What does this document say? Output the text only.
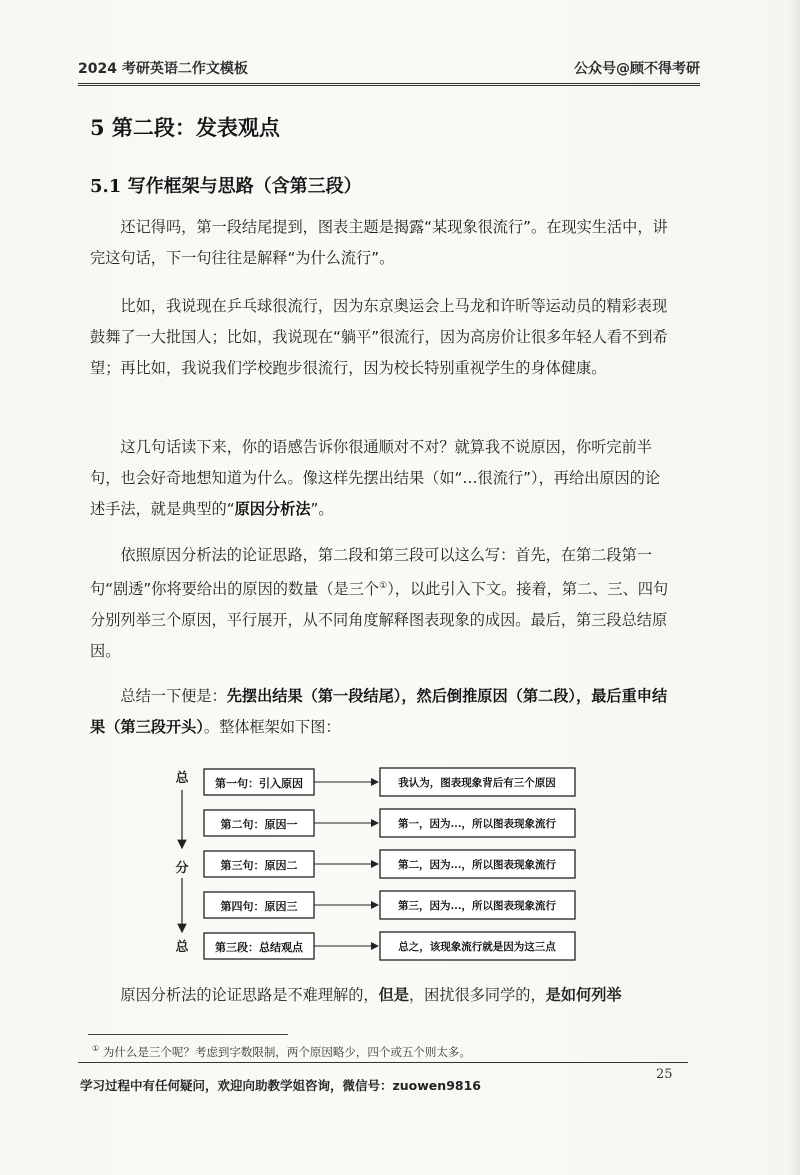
2024 考研英语二作文模板	公众号@顾不得考研
5 第二段：发表观点
5.1 写作框架与思路（含第三段）

还记得吗，第一段结尾提到，图表主题是揭露“某现象很流行”。在现实生活中，讲完这句话，下一句往往是解释“为什么流行”。

比如，我说现在乒乓球很流行，因为东京奥运会上马龙和许昕等运动员的精彩表现鼓舞了一大批国人；比如，我说现在“躺平”很流行，因为高房价让很多年轻人看不到希望；再比如，我说我们学校跑步很流行，因为校长特别重视学生的身体健康。

这几句话读下来，你的语感告诉你很通顺对不对？就算我不说原因，你听完前半句，也会好奇地想知道为什么。像这样先摆出结果（如“…很流行”），再给出原因的论述手法，就是典型的“原因分析法”。

依照原因分析法的论证思路，第二段和第三段可以这么写：首先，在第二段第一句“剧透”你将要给出的原因的数量（是三个①），以此引入下文。接着，第二、三、四句分别列举三个原因，平行展开，从不同角度解释图表现象的成因。最后，第三段总结原因。

总结一下便是：先摆出结果（第一段结尾），然后倒推原因（第二段），最后重申结果（第三段开头）。整体框架如下图：

总
分
总
第一句：引入原因	我认为，图表现象背后有三个原因
第二句：原因一	第一，因为...，所以图表现象流行
第三句：原因二	第二，因为...，所以图表现象流行
第四句：原因三	第三，因为...，所以图表现象流行
第三段：总结观点	总之，该现象流行就是因为这三点

原因分析法的论证思路是不难理解的，但是，困扰很多同学的，是如何列举

① 为什么是三个呢？考虑到字数限制，两个原因略少，四个或五个则太多。
25
学习过程中有任何疑问，欢迎向助教学姐咨询，微信号：zuowen9816
